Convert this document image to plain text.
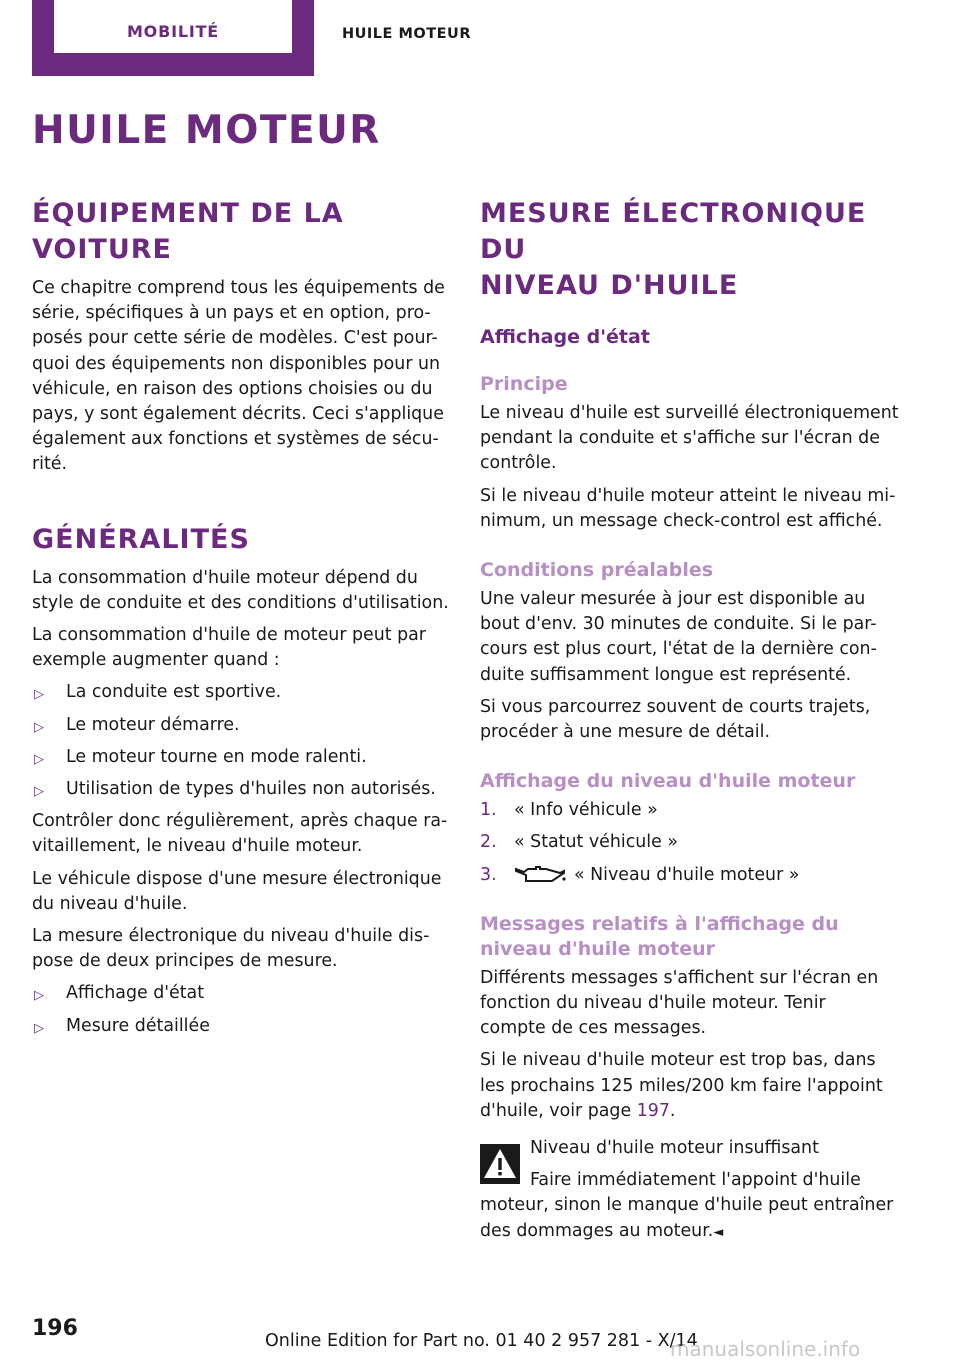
MOBILITÉ	HUILE MOTEUR
HUILE MOTEUR
ÉQUIPEMENT DE LA VOITURE

Ce chapitre comprend tous les équipements de
série, spécifiques à un pays et en option, pro-
posés pour cette série de modèles. C'est pour-
quoi des équipements non disponibles pour un
véhicule, en raison des options choisies ou du
pays, y sont également décrits. Ceci s'applique
également aux fonctions et systèmes de sécu-
rité.

GÉNÉRALITÉS

La consommation d'huile moteur dépend du
style de conduite et des conditions d'utilisation.

La consommation d'huile de moteur peut par
exemple augmenter quand :

▷ La conduite est sportive.
▷ Le moteur démarre.
▷ Le moteur tourne en mode ralenti.
▷ Utilisation de types d'huiles non autorisés.

Contrôler donc régulièrement, après chaque ra-
vitaillement, le niveau d'huile moteur.

Le véhicule dispose d'une mesure électronique
du niveau d'huile.

La mesure électronique du niveau d'huile dis-
pose de deux principes de mesure.

▷ Affichage d'état
▷ Mesure détaillée
MESURE ÉLECTRONIQUE DU
NIVEAU D'HUILE
Affichage d'état
Principe

Le niveau d'huile est surveillé électroniquement
pendant la conduite et s'affiche sur l'écran de
contrôle.

Si le niveau d'huile moteur atteint le niveau mi-
nimum, un message check-control est affiché.

Conditions préalables

Une valeur mesurée à jour est disponible au
bout d'env. 30 minutes de conduite. Si le par-
cours est plus court, l'état de la dernière con-
duite suffisamment longue est représenté.

Si vous parcourrez souvent de courts trajets,
procéder à une mesure de détail.

Affichage du niveau d'huile moteur
1. « Info véhicule »
2. « Statut véhicule »
3.	« Niveau d'huile moteur »
Messages relatifs à l'affichage du
niveau d'huile moteur

Différents messages s'affichent sur l'écran en
fonction du niveau d'huile moteur. Tenir
compte de ces messages.

Si le niveau d'huile moteur est trop bas, dans
les prochains 125 miles/200 km faire l'appoint
d'huile, voir page 197.

Niveau d'huile moteur insuffisant

Faire immédiatement l'appoint d'huile

moteur, sinon le manque d'huile peut entraîner
des dommages au moteur.◄

196	Online Edition for Part no. 01 40 2 957 281 - X/14
manualsonline.info
